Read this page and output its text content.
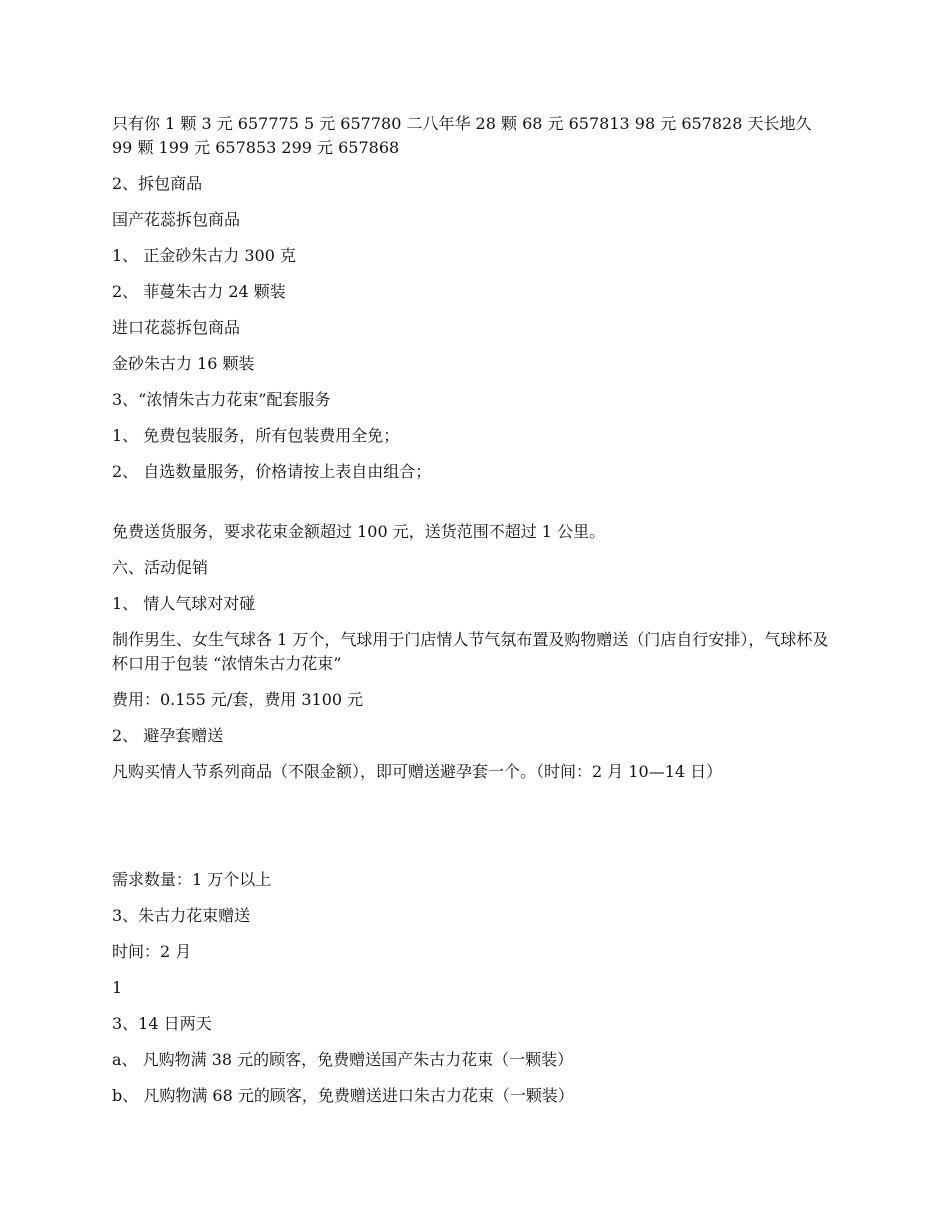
只有你 1 颗 3 元 657775 5 元 657780 二八年华 28 颗 68 元 657813 98 元 657828 天长地久 99 颗 199 元 657853 299 元 657868

2、拆包商品

国产花蕊拆包商品

1、 正金砂朱古力 300 克

2、 菲蔓朱古力 24 颗装

进口花蕊拆包商品

金砂朱古力 16 颗装

3、“浓情朱古力花束”配套服务

1、 免费包装服务，所有包装费用全免；

2、 自选数量服务，价格请按上表自由组合；

免费送货服务，要求花束金额超过 100 元，送货范围不超过 1 公里。

六、活动促销

1、 情人气球对对碰

制作男生、女生气球各 1 万个，气球用于门店情人节气氛布置及购物赠送（门店自行安排），气球杯及杯口用于包装 “浓情朱古力花束”

费用：0.155 元/套，费用 3100 元

2、 避孕套赠送

凡购买情人节系列商品（不限金额），即可赠送避孕套一个。（时间：2 月 10—14 日）

需求数量：1 万个以上

3、朱古力花束赠送

时间：2 月

1

3、14 日两天

a、 凡购物满 38 元的顾客，免费赠送国产朱古力花束（一颗装）

b、 凡购物满 68 元的顾客，免费赠送进口朱古力花束（一颗装）
